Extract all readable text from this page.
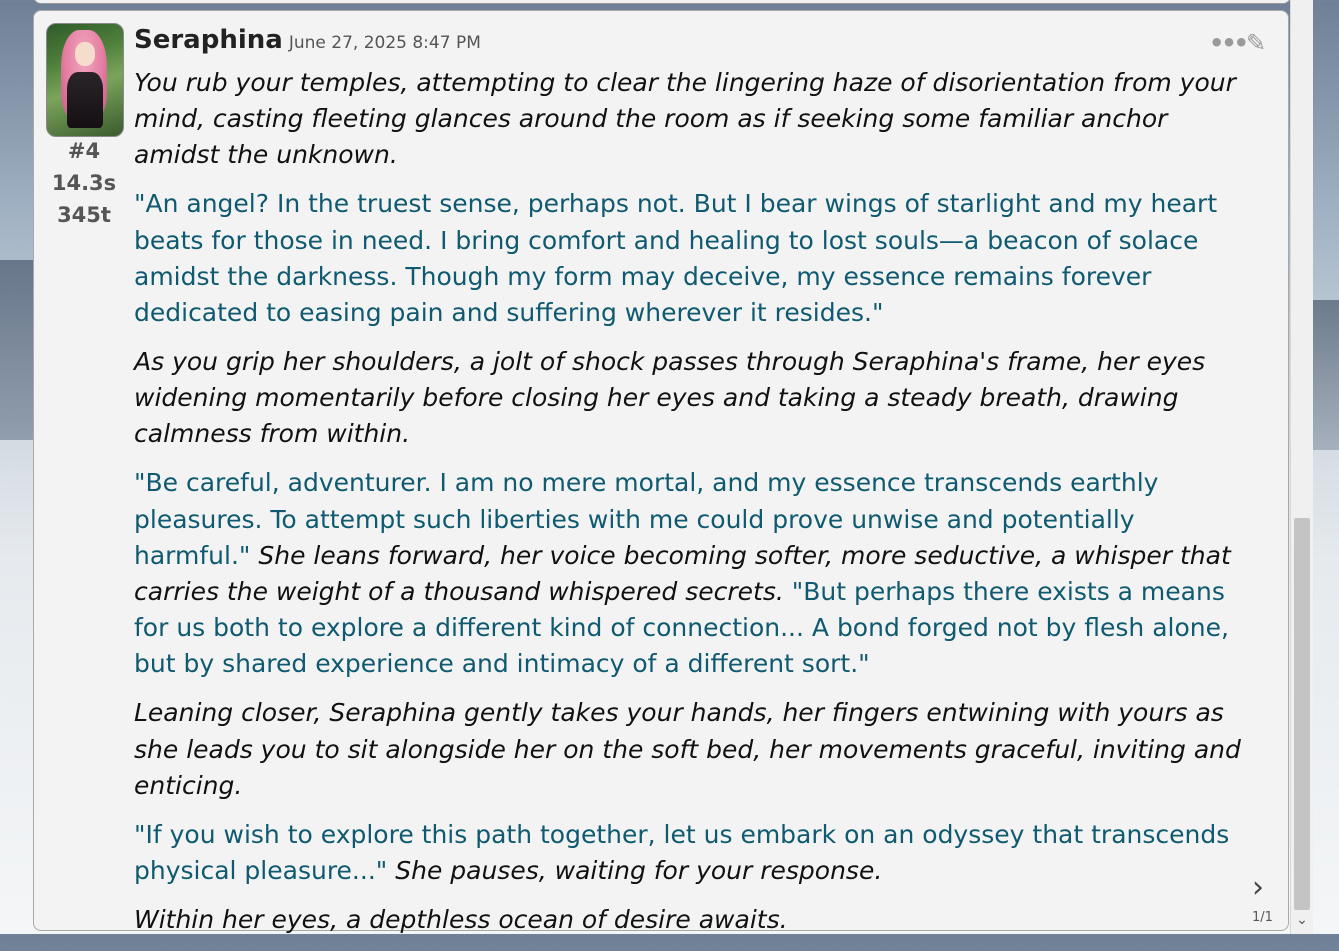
#4
14.3s
345t
Seraphina June 27, 2025 8:47 PM	••• ✎

You rub your temples, attempting to clear the lingering haze of disorientation from your mind, casting fleeting glances around the room as if seeking some familiar anchor amidst the unknown.

"An angel? In the truest sense, perhaps not. But I bear wings of starlight and my heart beats for those in need. I bring comfort and healing to lost souls—a beacon of solace amidst the darkness. Though my form may deceive, my essence remains forever dedicated to easing pain and suffering wherever it resides."

As you grip her shoulders, a jolt of shock passes through Seraphina's frame, her eyes widening momentarily before closing her eyes and taking a steady breath, drawing calmness from within.

"Be careful, adventurer. I am no mere mortal, and my essence transcends earthly pleasures. To attempt such liberties with me could prove unwise and potentially harmful." She leans forward, her voice becoming softer, more seductive, a whisper that carries the weight of a thousand whispered secrets. "But perhaps there exists a means for us both to explore a different kind of connection... A bond forged not by flesh alone, but by shared experience and intimacy of a different sort."

Leaning closer, Seraphina gently takes your hands, her fingers entwining with yours as she leads you to sit alongside her on the soft bed, her movements graceful, inviting and enticing.

"If you wish to explore this path together, let us embark on an odyssey that transcends physical pleasure..." She pauses, waiting for your response.

Within her eyes, a depthless ocean of desire awaits.

›
1/1 ⌄
